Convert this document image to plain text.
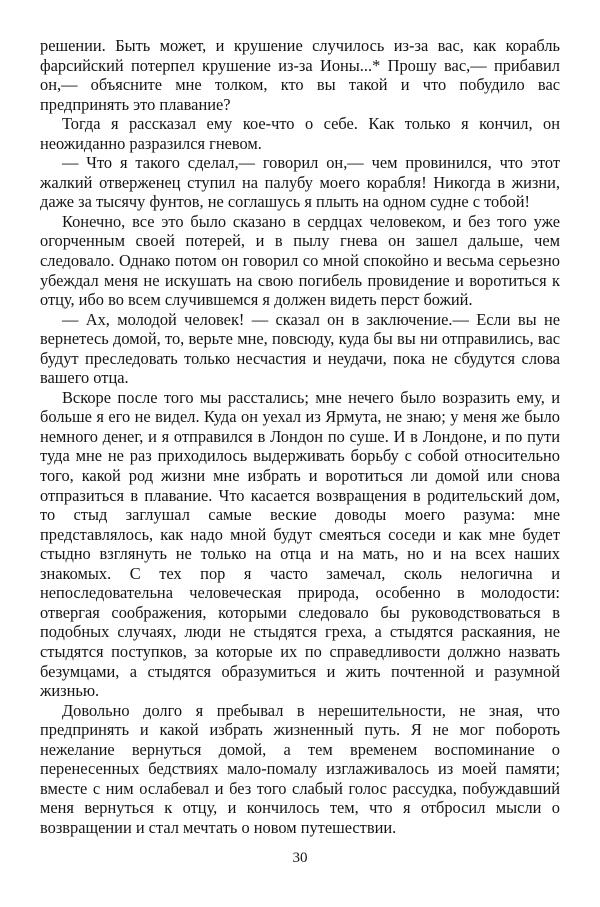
решении. Быть может, и крушение случилось из-за вас, как корабль фарсийский потерпел крушение из-за Ионы...* Прошу вас,— прибавил он,— объясните мне толком, кто вы такой и что побудило вас предпринять это плавание?

Тогда я рассказал ему кое-что о себе. Как только я кончил, он неожиданно разразился гневом.

— Что я такого сделал,— говорил он,— чем провинился, что этот жалкий отверженец ступил на палубу моего корабля! Никогда в жизни, даже за тысячу фунтов, не соглашусь я плыть на одном судне с тобой!

Конечно, все это было сказано в сердцах человеком, и без того уже огорченным своей потерей, и в пылу гнева он зашел дальше, чем следовало. Однако потом он говорил со мной спокойно и весьма серьезно убеждал меня не искушать на свою погибель провидение и воротиться к отцу, ибо во всем случившемся я должен видеть перст божий.

— Ах, молодой человек! — сказал он в заключение.— Если вы не вернетесь домой, то, верьте мне, повсюду, куда бы вы ни отправились, вас будут преследовать только несчастия и неудачи, пока не сбудутся слова вашего отца.

Вскоре после того мы расстались; мне нечего было возразить ему, и больше я его не видел. Куда он уехал из Ярмута, не знаю; у меня же было немного денег, и я отправился в Лондон по суше. И в Лондоне, и по пути туда мне не раз приходилось выдерживать борьбу с собой относительно того, какой род жизни мне избрать и воротиться ли домой или снова отпразиться в плавание. Что касается возвращения в родительский дом, то стыд заглушал самые веские доводы моего разума: мне представлялось, как надо мной будут смеяться соседи и как мне будет стыдно взглянуть не только на отца и на мать, но и на всех наших знакомых. С тех пор я часто замечал, сколь нелогична и непоследовательна человеческая природа, особенно в молодости: отвергая соображения, которыми следовало бы руководствоваться в подобных случаях, люди не стыдятся греха, а стыдятся раскаяния, не стыдятся поступков, за которые их по справедливости должно назвать безумцами, а стыдятся образумиться и жить почтенной и разумной жизнью.

Довольно долго я пребывал в нерешительности, не зная, что предпринять и какой избрать жизненный путь. Я не мог побороть нежелание вернуться домой, а тем временем воспоминание о перенесенных бедствиях мало-помалу изглаживалось из моей памяти; вместе с ним ослабевал и без того слабый голос рассудка, побуждавший меня вернуться к отцу, и кончилось тем, что я отбросил мысли о возвращении и стал мечтать о новом путешествии.

30
